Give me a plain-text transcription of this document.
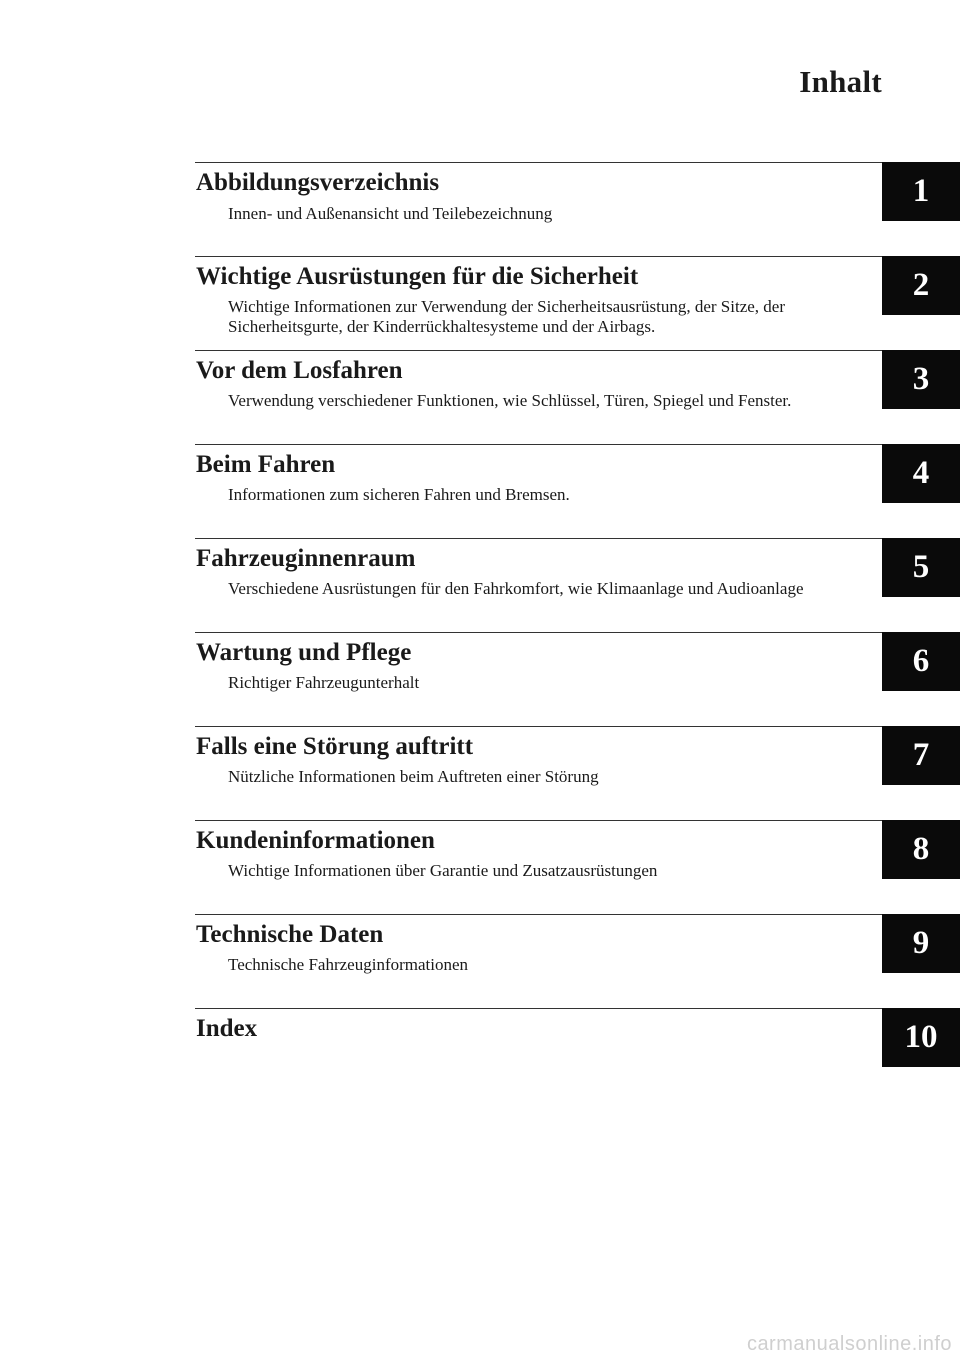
Inhalt
Abbildungsverzeichnis
Innen- und Außenansicht und Teilebezeichnung
1
Wichtige Ausrüstungen für die Sicherheit
Wichtige Informationen zur Verwendung der Sicherheitsausrüstung, der Sitze, der Sicherheitsgurte, der Kinderrückhaltesysteme und der Airbags.
2
Vor dem Losfahren
Verwendung verschiedener Funktionen, wie Schlüssel, Türen, Spiegel und Fenster.
3
Beim Fahren
Informationen zum sicheren Fahren und Bremsen.
4
Fahrzeuginnenraum
Verschiedene Ausrüstungen für den Fahrkomfort, wie Klimaanlage und Audioanlage
5
Wartung und Pflege
Richtiger Fahrzeugunterhalt
6
Falls eine Störung auftritt
Nützliche Informationen beim Auftreten einer Störung
7
Kundeninformationen
Wichtige Informationen über Garantie und Zusatzausrüstungen
8
Technische Daten
Technische Fahrzeuginformationen
9
Index	10
carmanualsonline.info
